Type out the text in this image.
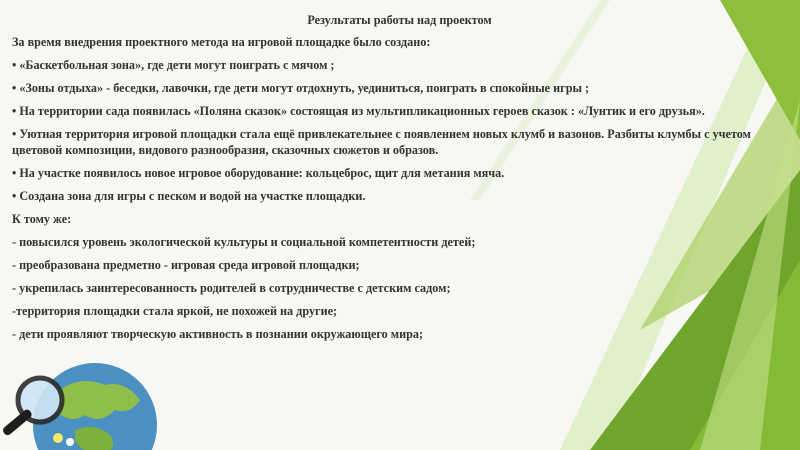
Результаты работы над проектом
За время внедрения проектного метода на игровой площадке было создано:
• «Баскетбольная зона», где дети могут поиграть с мячом ;
• «Зоны отдыха» - беседки, лавочки, где дети могут отдохнуть, уединиться, поиграть в спокойные игры ;
• На территории сада появилась «Поляна сказок» состоящая из мультипликационных героев сказок : «Лунтик и его друзья».
• Уютная территория игровой площадки стала ещё привлекательнее с появлением новых клумб и вазонов. Разбиты клумбы с учетом цветовой композиции, видового разнообразия, сказочных сюжетов и образов.
• На участке появилось новое игровое оборудование: кольцеброс, щит для метания мяча.
• Создана зона для игры с песком и водой на участке площадки.
К тому же:
- повысился уровень экологической культуры и социальной компетентности детей;
- преобразована предметно - игровая среда игровой площадки;
- укрепилась заинтересованность родителей в сотрудничестве с детским садом;
-территория площадки стала яркой, не похожей на другие;
- дети проявляют творческую активность в познании окружающего мира;
